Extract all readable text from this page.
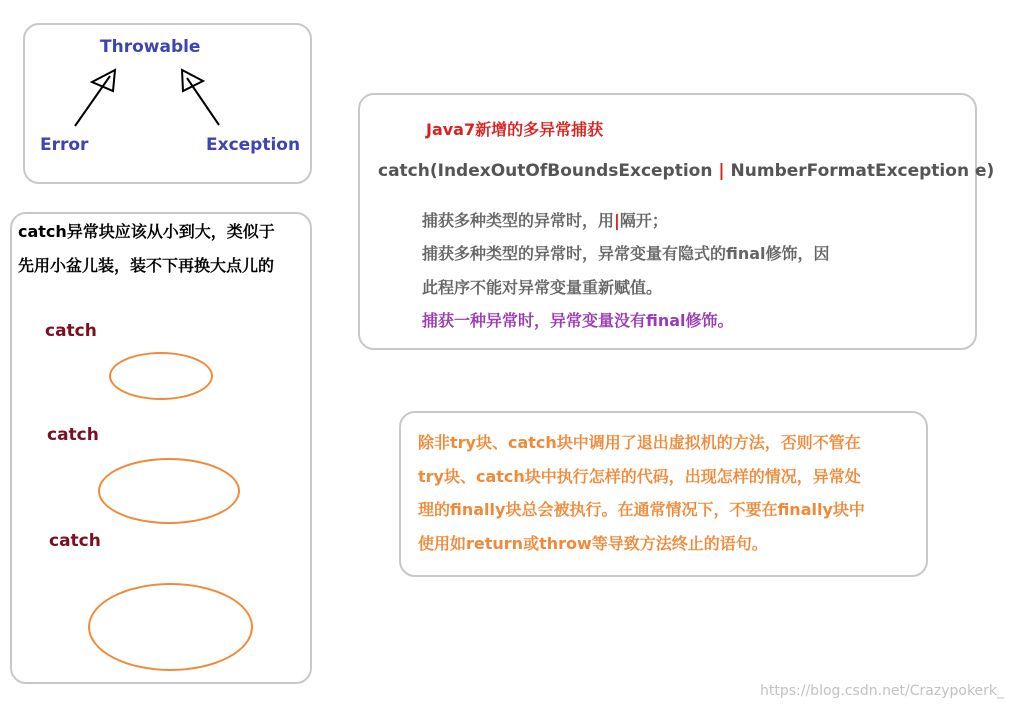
Throwable
Error	Exception
catch异常块应该从小到大，类似于
先用小盆儿装，装不下再换大点儿的
catch
catch
catch
Java7新增的多异常捕获
catch(IndexOutOfBoundsException | NumberFormatException e)
捕获多种类型的异常时，用|隔开；
捕获多种类型的异常时，异常变量有隐式的final修饰，因
此程序不能对异常变量重新赋值。
捕获一种异常时，异常变量没有final修饰。
除非try块、catch块中调用了退出虚拟机的方法，否则不管在
try块、catch块中执行怎样的代码，出现怎样的情况，异常处
理的finally块总会被执行。在通常情况下，不要在finally块中
使用如return或throw等导致方法终止的语句。
https://blog.csdn.net/Crazypokerk_
